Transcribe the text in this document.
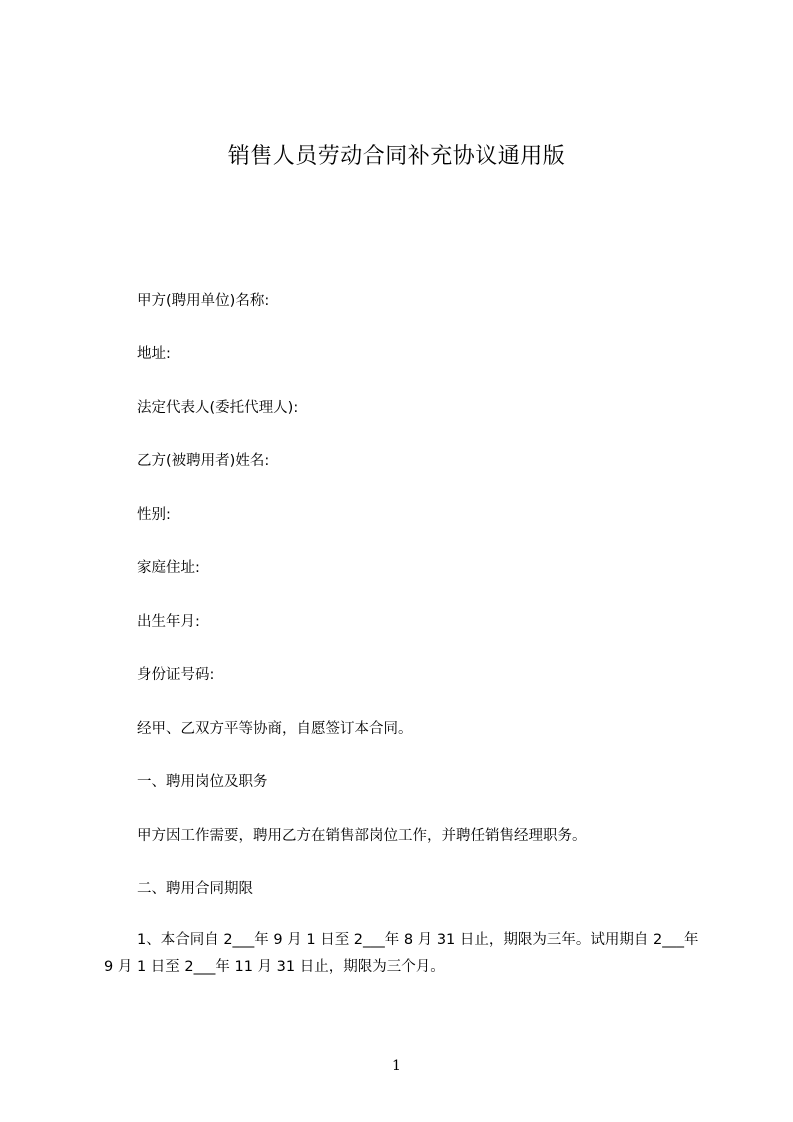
销售人员劳动合同补充协议通用版
甲方(聘用单位)名称:
地址:
法定代表人(委托代理人):
乙方(被聘用者)姓名:
性别:
家庭住址:
出生年月:
身份证号码:
经甲、乙双方平等协商，自愿签订本合同。
一、聘用岗位及职务
甲方因工作需要，聘用乙方在销售部岗位工作，并聘任销售经理职务。
二、聘用合同期限
1、本合同自 2___年 9 月 1 日至 2___年 8 月 31 日止，期限为三年。试用期自 2___年 9 月 1 日至 2___年 11 月 31 日止，期限为三个月。
1
